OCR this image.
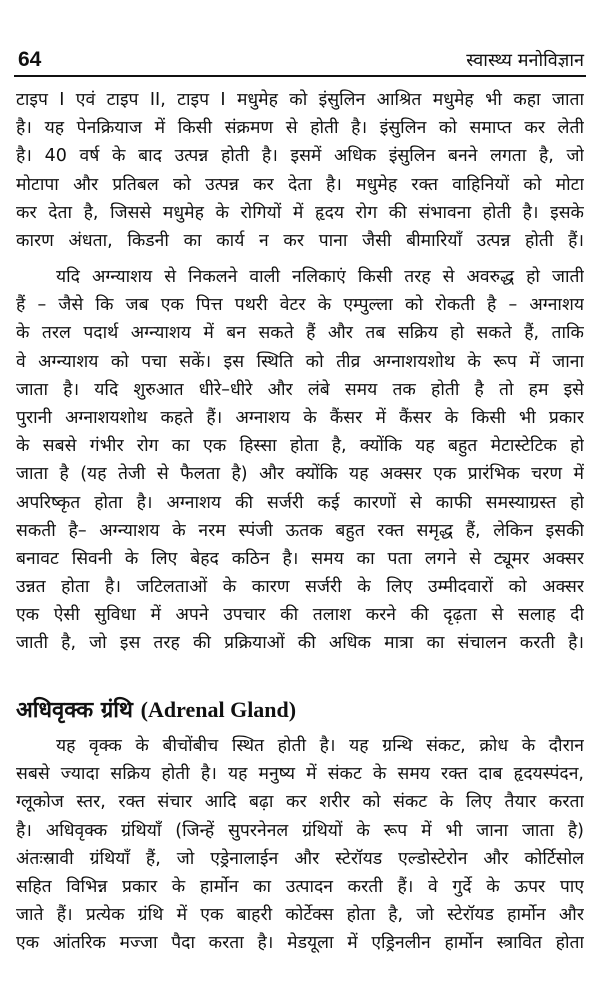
64	स्वास्थ्य मनोविज्ञान
टाइप I एवं टाइप II, टाइप I मधुमेह को इंसुलिन आश्रित मधुमेह भी कहा जाता
है। यह पेनक्रियाज में किसी संक्रमण से होती है। इंसुलिन को समाप्त कर लेती
है। 40 वर्ष के बाद उत्पन्न होती है। इसमें अधिक इंसुलिन बनने लगता है, जो
मोटापा और प्रतिबल को उत्पन्न कर देता है। मधुमेह रक्त वाहिनियों को मोटा
कर देता है, जिससे मधुमेह के रोगियों में हृदय रोग की संभावना होती है। इसके
कारण अंधता, किडनी का कार्य न कर पाना जैसी बीमारियाँ उत्पन्न होती हैं।
यदि अग्न्याशय से निकलने वाली नलिकाएं किसी तरह से अवरुद्ध हो जाती
हैं – जैसे कि जब एक पित्त पथरी वेटर के एम्पुल्ला को रोकती है – अग्नाशय
के तरल पदार्थ अग्न्याशय में बन सकते हैं और तब सक्रिय हो सकते हैं, ताकि
वे अग्न्याशय को पचा सकें। इस स्थिति को तीव्र अग्नाशयशोथ के रूप में जाना
जाता है। यदि शुरुआत धीरे–धीरे और लंबे समय तक होती है तो हम इसे
पुरानी अग्नाशयशोथ कहते हैं। अग्नाशय के कैंसर में कैंसर के किसी भी प्रकार
के सबसे गंभीर रोग का एक हिस्सा होता है, क्योंकि यह बहुत मेटास्टेटिक हो
जाता है (यह तेजी से फैलता है) और क्योंकि यह अक्सर एक प्रारंभिक चरण में
अपरिष्कृत होता है। अग्नाशय की सर्जरी कई कारणों से काफी समस्याग्रस्त हो
सकती है– अग्न्याशय के नरम स्पंजी ऊतक बहुत रक्त समृद्ध हैं, लेकिन इसकी
बनावट सिवनी के लिए बेहद कठिन है। समय का पता लगने से ट्यूमर अक्सर
उन्नत होता है। जटिलताओं के कारण सर्जरी के लिए उम्मीदवारों को अक्सर
एक ऐसी सुविधा में अपने उपचार की तलाश करने की दृढ़ता से सलाह दी
जाती है, जो इस तरह की प्रक्रियाओं की अधिक मात्रा का संचालन करती है।
अधिवृक्क ग्रंथि (Adrenal Gland)
यह वृक्क के बीचोंबीच स्थित होती है। यह ग्रन्थि संकट, क्रोध के दौरान
सबसे ज्यादा सक्रिय होती है। यह मनुष्य में संकट के समय रक्त दाब हृदयस्पंदन,
ग्लूकोज स्तर, रक्त संचार आदि बढ़ा कर शरीर को संकट के लिए तैयार करता
है। अधिवृक्क ग्रंथियाँ (जिन्हें सुपरनेनल ग्रंथियों के रूप में भी जाना जाता है)
अंतःस्रावी ग्रंथियाँ हैं, जो एड्रेनालाईन और स्टेरॉयड एल्डोस्टेरोन और कोर्टिसोल
सहित विभिन्न प्रकार के हार्मोन का उत्पादन करती हैं। वे गुर्दे के ऊपर पाए
जाते हैं। प्रत्येक ग्रंथि में एक बाहरी कोर्टेक्स होता है, जो स्टेरॉयड हार्मोन और
एक आंतरिक मज्जा पैदा करता है। मेडयूला में एड्रिनलीन हार्मोन स्त्रावित होता
